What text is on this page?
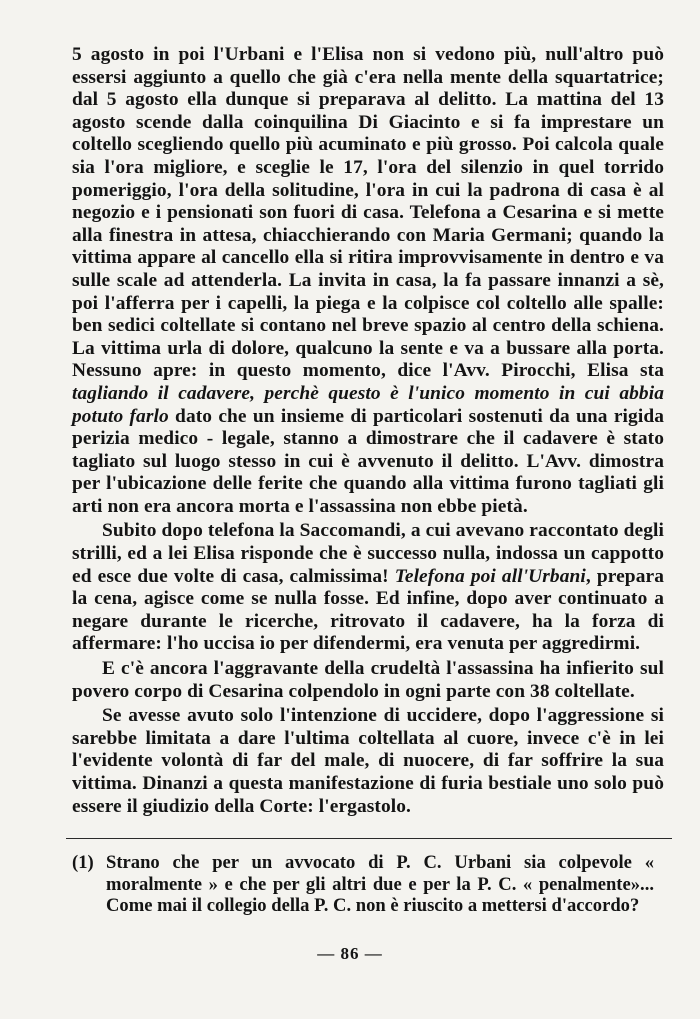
5 agosto in poi l'Urbani e l'Elisa non si vedono più, null'altro può essersi aggiunto a quello che già c'era nella mente della squartatrice; dal 5 agosto ella dunque si preparava al delitto. La mattina del 13 agosto scende dalla coinquilina Di Giacinto e si fa imprestare un coltello scegliendo quello più acuminato e più grosso. Poi calcola quale sia l'ora migliore, e sceglie le 17, l'ora del silenzio in quel torrido pomeriggio, l'ora della solitudine, l'ora in cui la padrona di casa è al negozio e i pensionati son fuori di casa. Telefona a Cesarina e si mette alla finestra in attesa, chiacchierando con Maria Germani; quando la vittima appare al cancello ella si ritira improvvisamente in dentro e va sulle scale ad attenderla. La invita in casa, la fa passare innanzi a sè, poi l'afferra per i capelli, la piega e la colpisce col coltello alle spalle: ben sedici coltellate si contano nel breve spazio al centro della schiena. La vittima urla di dolore, qualcuno la sente e va a bussare alla porta. Nessuno apre: in questo momento, dice l'Avv. Pirocchi, Elisa sta tagliando il cadavere, perchè questo è l'unico momento in cui abbia potuto farlo dato che un insieme di particolari sostenuti da una rigida perizia medico - legale, stanno a dimostrare che il cadavere è stato tagliato sul luogo stesso in cui è avvenuto il delitto. L'Avv. dimostra per l'ubicazione delle ferite che quando alla vittima furono tagliati gli arti non era ancora morta e l'assassina non ebbe pietà.

Subito dopo telefona la Saccomandi, a cui avevano raccontato degli strilli, ed a lei Elisa risponde che è successo nulla, indossa un cappotto ed esce due volte di casa, calmissima! Telefona poi all'Urbani, prepara la cena, agisce come se nulla fosse. Ed infine, dopo aver continuato a negare durante le ricerche, ritrovato il cadavere, ha la forza di affermare: l'ho uccisa io per difendermi, era venuta per aggredirmi.

E c'è ancora l'aggravante della crudeltà l'assassina ha infierito sul povero corpo di Cesarina colpendolo in ogni parte con 38 coltellate.

Se avesse avuto solo l'intenzione di uccidere, dopo l'aggressione si sarebbe limitata a dare l'ultima coltellata al cuore, invece c'è in lei l'evidente volontà di far del male, di nuocere, di far soffrire la sua vittima. Dinanzi a questa manifestazione di furia bestiale uno solo può essere il giudizio della Corte: l'ergastolo.

(1) Strano che per un avvocato di P. C. Urbani sia colpevole « moralmente » e che per gli altri due e per la P. C. « penalmente»... Come mai il collegio della P. C. non è riuscito a mettersi d'accordo?
— 86 —
